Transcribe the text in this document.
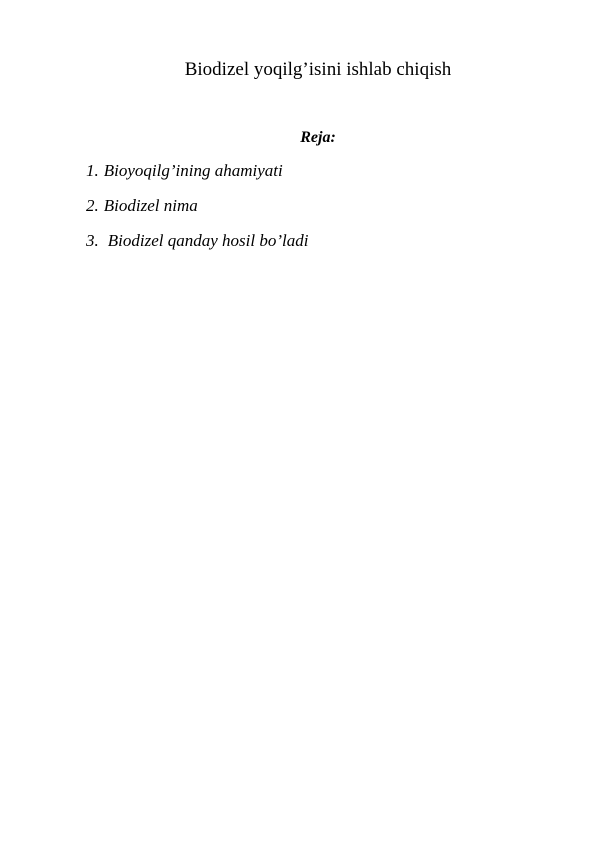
Biodizel yoqilg’isini ishlab chiqish
Reja:
1. Bioyoqilg’ining ahamiyati
2. Biodizel nima
3. Biodizel qanday hosil bo’ladi
